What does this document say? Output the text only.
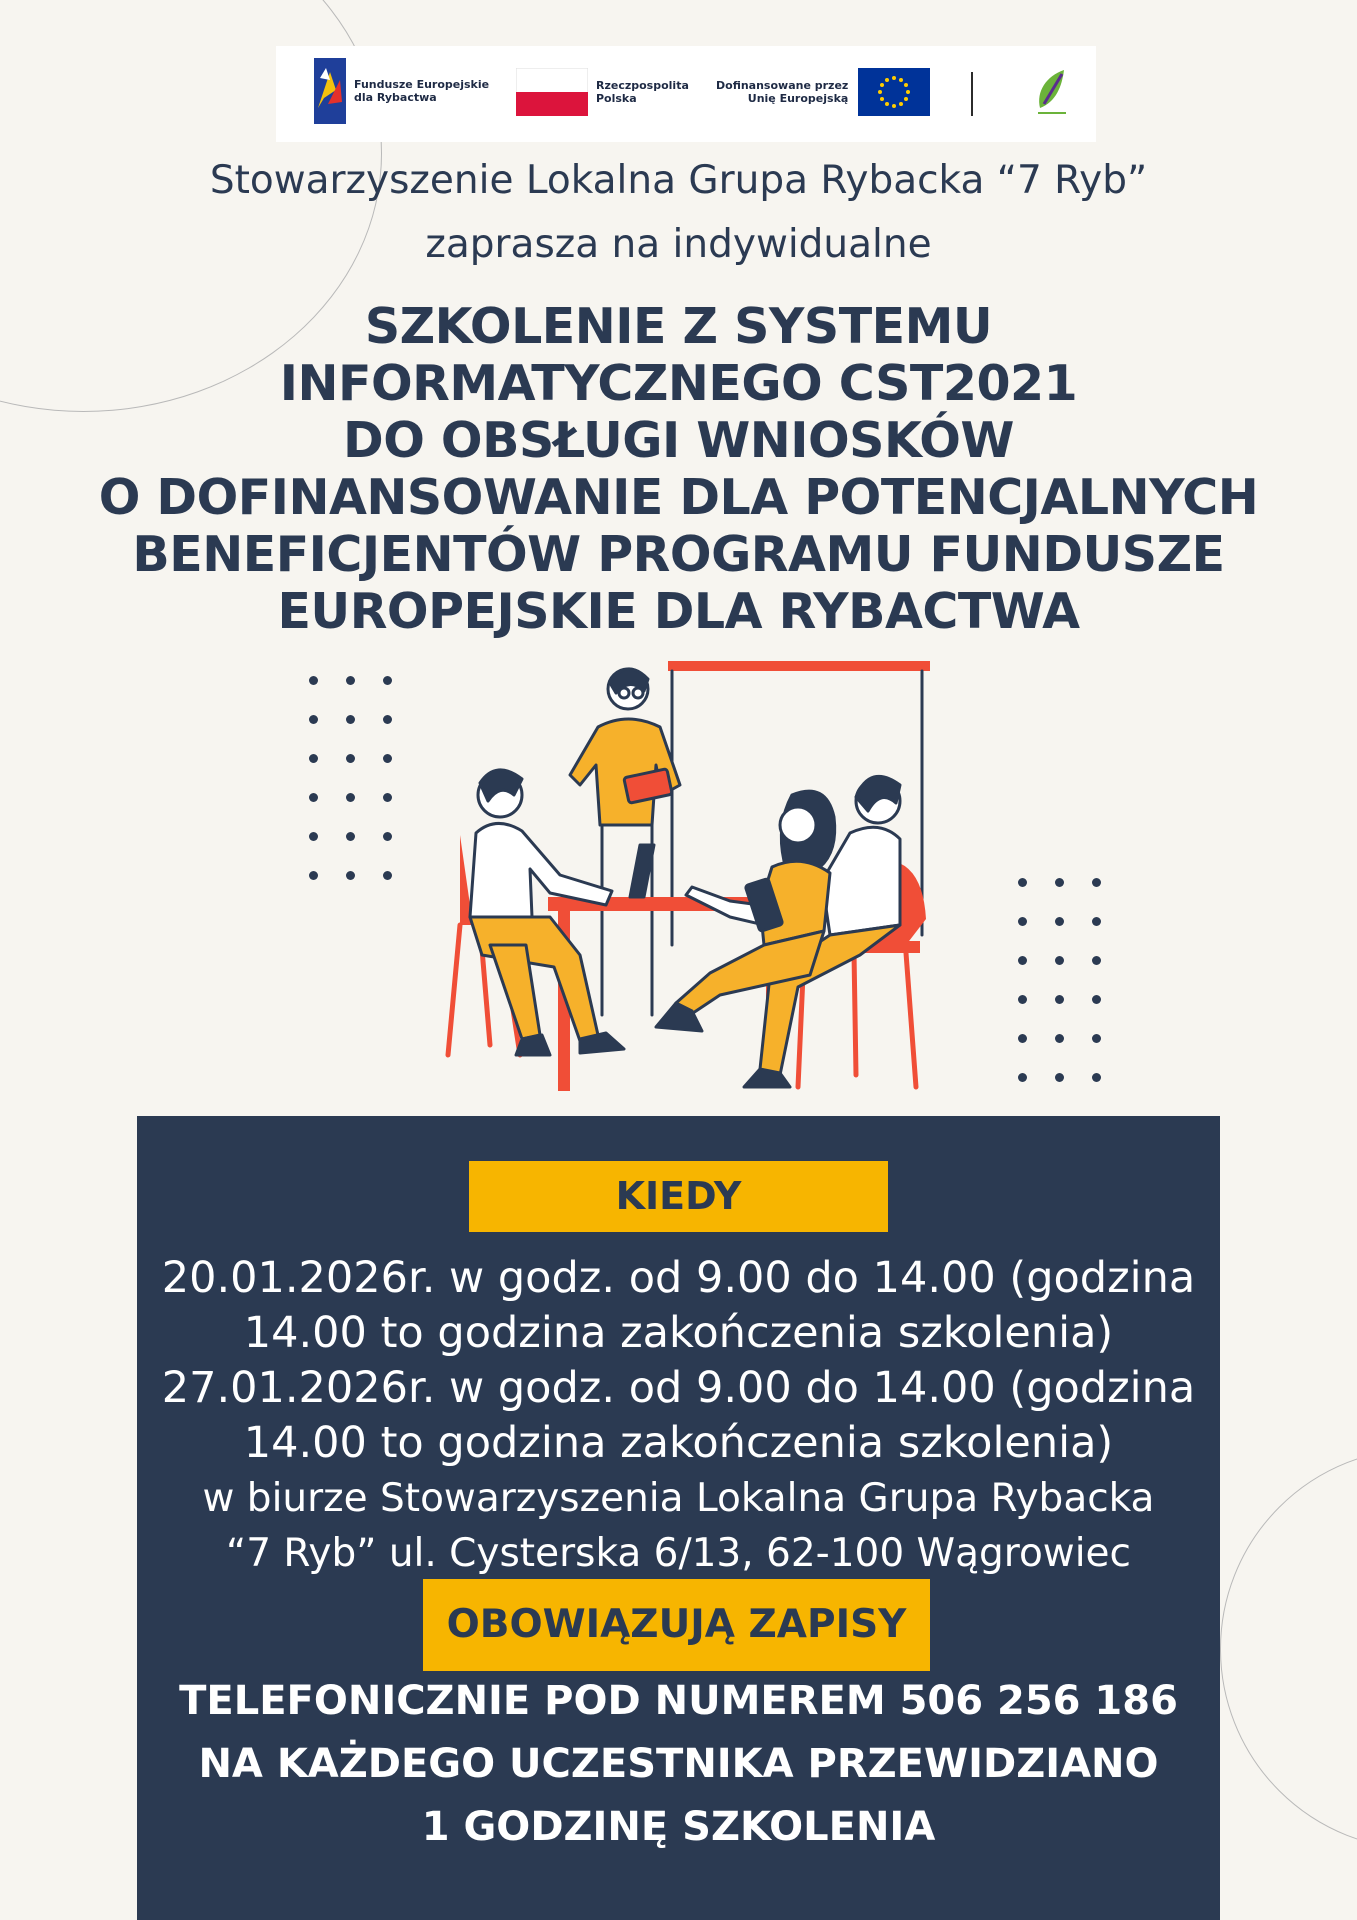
Fundusze Europejskie
dla Rybactwa
Rzeczpospolita
Polska
Dofinansowane przez
Unię Europejską
Stowarzyszenie Lokalna Grupa Rybacka “7 Ryb”
zaprasza na indywidualne
SZKOLENIE Z SYSTEMU
INFORMATYCZNEGO CST2021
DO OBSŁUGI WNIOSKÓW
O DOFINANSOWANIE DLA POTENCJALNYCH
BENEFICJENTÓW PROGRAMU FUNDUSZE
EUROPEJSKIE DLA RYBACTWA
KIEDY
20.01.2026r. w godz. od 9.00 do 14.00 (godzina
14.00 to godzina zakończenia szkolenia)
27.01.2026r. w godz. od 9.00 do 14.00 (godzina
14.00 to godzina zakończenia szkolenia)
w biurze Stowarzyszenia Lokalna Grupa Rybacka
“7 Ryb” ul. Cysterska 6/13, 62-100 Wągrowiec
OBOWIĄZUJĄ ZAPISY
TELEFONICZNIE POD NUMEREM 506 256 186
NA KAŻDEGO UCZESTNIKA PRZEWIDZIANO
1 GODZINĘ SZKOLENIA
